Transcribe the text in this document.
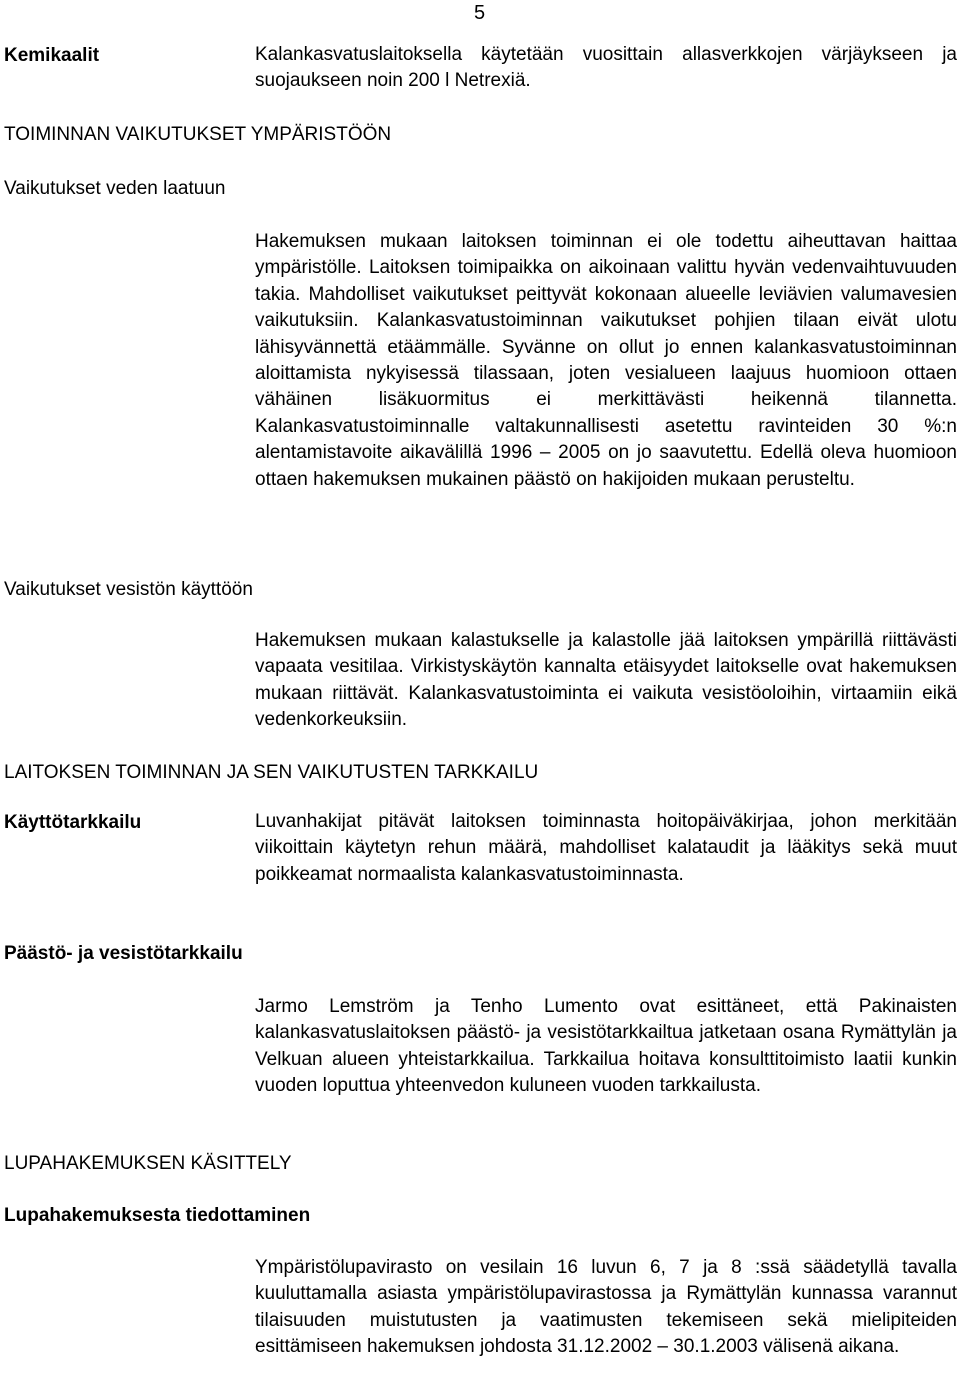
5
Kemikaalit	Kalankasvatuslaitoksella käytetään vuosittain allasverkkojen värjäykseen ja suojaukseen noin 200 l Netrexiä.

TOIMINNAN VAIKUTUKSET YMPÄRISTÖÖN
Vaikutukset veden laatuun

Hakemuksen mukaan laitoksen toiminnan ei ole todettu aiheuttavan haittaa ympäristölle. Laitoksen toimipaikka on aikoinaan valittu hyvän vedenvaihtuvuuden takia. Mahdolliset vaikutukset peittyvät kokonaan alueelle leviävien valumavesien vaikutuksiin. Kalankasvatustoiminnan vaikutukset pohjien tilaan eivät ulotu lähisyvännettä etäämmälle. Syvänne on ollut jo ennen kalankasvatustoiminnan aloittamista nykyisessä tilassaan, joten vesialueen laajuus huomioon ottaen vähäinen lisäkuormitus ei merkittävästi heikennä tilannetta. Kalankasvatustoiminnalle valtakunnallisesti asetettu ravinteiden 30 %:n alentamistavoite aikavälillä 1996 – 2005 on jo saavutettu. Edellä oleva huomioon ottaen hakemuksen mukainen päästö on hakijoiden mukaan perusteltu.

Vaikutukset vesistön käyttöön

Hakemuksen mukaan kalastukselle ja kalastolle jää laitoksen ympärillä riittävästi vapaata vesitilaa. Virkistyskäytön kannalta etäisyydet laitokselle ovat hakemuksen mukaan riittävät. Kalankasvatustoiminta ei vaikuta vesistöoloihin, virtaamiin eikä vedenkorkeuksiin.

LAITOKSEN TOIMINNAN JA SEN VAIKUTUSTEN TARKKAILU
Käyttötarkkailu	Luvanhakijat pitävät laitoksen toiminnasta hoitopäiväkirjaa, johon merkitään viikoittain käytetyn rehun määrä, mahdolliset kalataudit ja lääkitys sekä muut poikkeamat normaalista kalankasvatustoiminnasta.

Päästö- ja vesistötarkkailu

Jarmo Lemström ja Tenho Lumento ovat esittäneet, että Pakinaisten kalankasvatuslaitoksen päästö- ja vesistötarkkailtua jatketaan osana Rymättylän ja Velkuan alueen yhteistarkkailua. Tarkkailua hoitava konsulttitoimisto laatii kunkin vuoden loputtua yhteenvedon kuluneen vuoden tarkkailusta.

LUPAHAKEMUKSEN KÄSITTELY
Lupahakemuksesta tiedottaminen

Ympäristölupavirasto on vesilain 16 luvun 6, 7 ja 8 :ssä säädetyllä tavalla kuuluttamalla asiasta ympäristölupavirastossa ja Rymättylän kunnassa varannut tilaisuuden muistutusten ja vaatimusten tekemiseen sekä mielipiteiden esittämiseen hakemuksen johdosta 31.12.2002 – 30.1.2003 välisenä aikana.
